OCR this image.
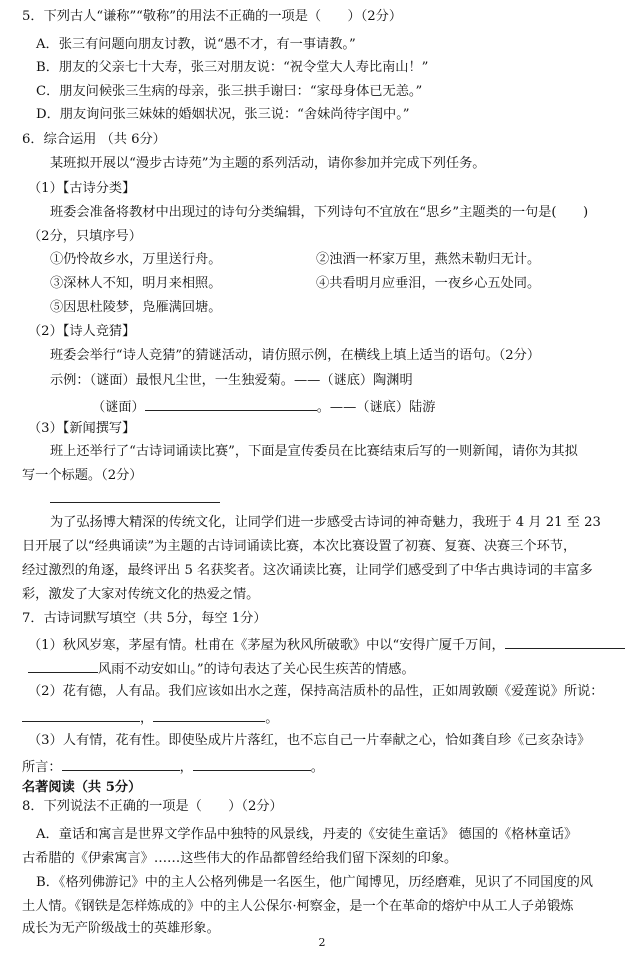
5．下列古人“谦称”“敬称”的用法不正确的一项是（　　）（2分）
A．张三有问题向朋友讨教，说“愚不才，有一事请教。”
B．朋友的父亲七十大寿，张三对朋友说：“祝令堂大人寿比南山！”
C．朋友问候张三生病的母亲，张三拱手谢曰：“家母身体已无恙。”
D．朋友询问张三妹妹的婚姻状况，张三说：“舍妹尚待字闺中。”
6．综合运用 （共 6分）
某班拟开展以“漫步古诗苑”为主题的系列活动，请你参加并完成下列任务。
（1）【古诗分类】
班委会准备将教材中出现过的诗句分类编辑，下列诗句不宜放在“思乡”主题类的一句是(　　)
（2分，只填序号）
①仍怜故乡水，万里送行舟。	②浊酒一杯家万里，燕然未勒归无计。
③深林人不知，明月来相照。	④共看明月应垂泪，一夜乡心五处同。
⑤因思杜陵梦，凫雁满回塘。
（2）【诗人竞猜】
班委会举行“诗人竞猜”的猜谜活动，请仿照示例，在横线上填上适当的语句。（2分）
示例：（谜面）最恨凡尘世，一生独爱菊。——（谜底）陶渊明
（谜面）	。——（谜底）陆游
（3）【新闻撰写】
班上还举行了“古诗词诵读比赛”，下面是宣传委员在比赛结束后写的一则新闻，请你为其拟
写一个标题。（2分）
为了弘扬博大精深的传统文化，让同学们进一步感受古诗词的神奇魅力，我班于 4 月 21 至 23
日开展了以“经典诵读”为主题的古诗词诵读比赛，本次比赛设置了初赛、复赛、决赛三个环节，
经过激烈的角逐，最终评出 5 名获奖者。这次诵读比赛，让同学们感受到了中华古典诗词的丰富多
彩，激发了大家对传统文化的热爱之情。
7．古诗词默写填空（共 5分，每空 1分）
（1）秋风岁寒，茅屋有情。杜甫在《茅屋为秋风所破歌》中以“安得广厦千万间，
风雨不动安如山。”的诗句表达了关心民生疾苦的情感。
（2）花有德，人有品。我们应该如出水之莲，保持高洁质朴的品性，正如周敦颐《爱莲说》所说：
，	。
（3）人有情，花有性。即使坠成片片落红，也不忘自己一片奉献之心，恰如龚自珍《己亥杂诗》
所言：	，	。
名著阅读（共 5分）
8．下列说法不正确的一项是（　　）（2分）
A．童话和寓言是世界文学作品中独特的风景线，丹麦的《安徒生童话》 德国的《格林童话》
古希腊的《伊索寓言》……这些伟大的作品都曾经给我们留下深刻的印象。
B．《格列佛游记》中的主人公格列佛是一名医生，他广闻博见，历经磨难，见识了不同国度的风
土人情。《钢铁是怎样炼成的》中的主人公保尔·柯察金，是一个在革命的熔炉中从工人子弟锻炼
成长为无产阶级战士的英雄形象。
2
